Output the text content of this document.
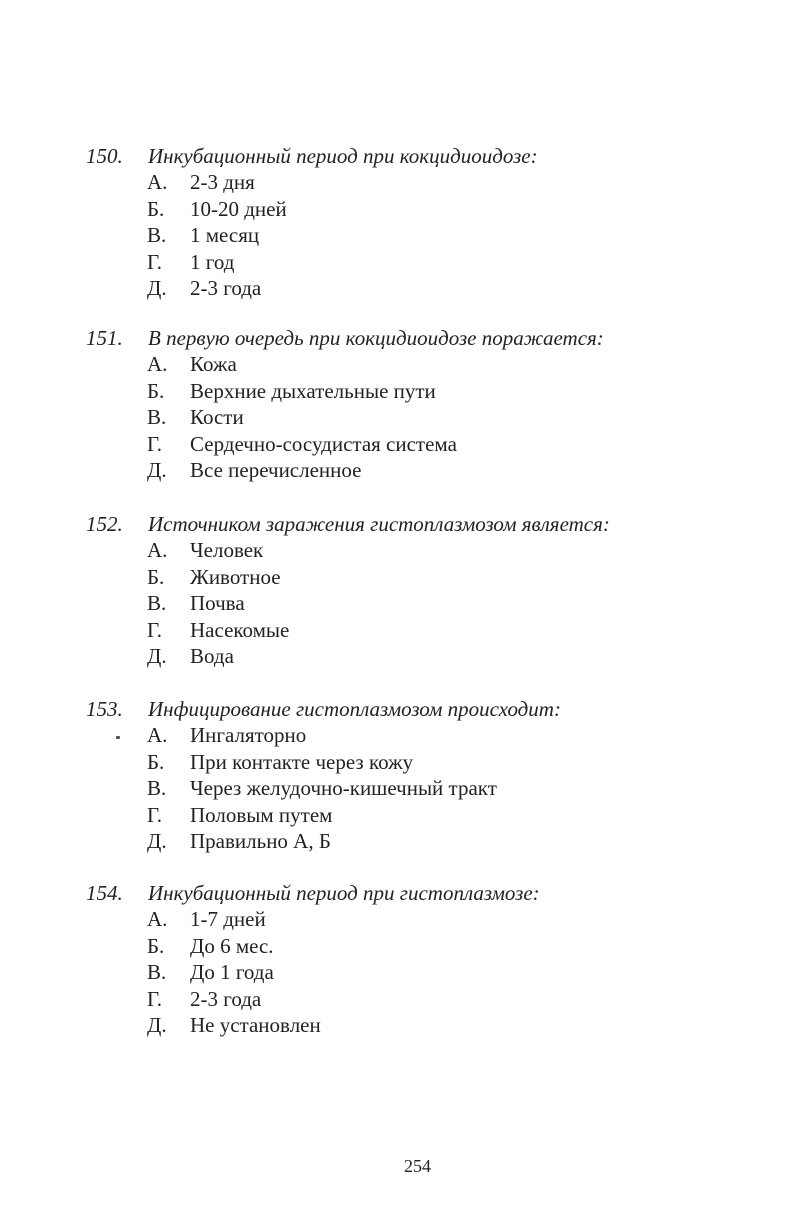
150.	Инкубационный период при кокцидиоидозе:
А.	2-3 дня
Б.	10-20 дней
В.	1 месяц
Г.	1 год
Д.	2-3 года
151.	В первую очередь при кокцидиоидозе поражается:
А.	Кожа
Б.	Верхние дыхательные пути
В.	Кости
Г.	Сердечно-сосудистая система
Д.	Все перечисленное
152.	Источником заражения гистоплазмозом является:
А.	Человек
Б.	Животное
В.	Почва
Г.	Насекомые
Д.	Вода
153.	Инфицирование гистоплазмозом происходит:
А.	Ингаляторно
Б.	При контакте через кожу
В.	Через желудочно-кишечный тракт
Г.	Половым путем
Д.	Правильно А, Б
154.	Инкубационный период при гистоплазмозе:
А.	1-7 дней
Б.	До 6 мес.
В.	До 1 года
Г.	2-3 года
Д.	Не установлен
254
